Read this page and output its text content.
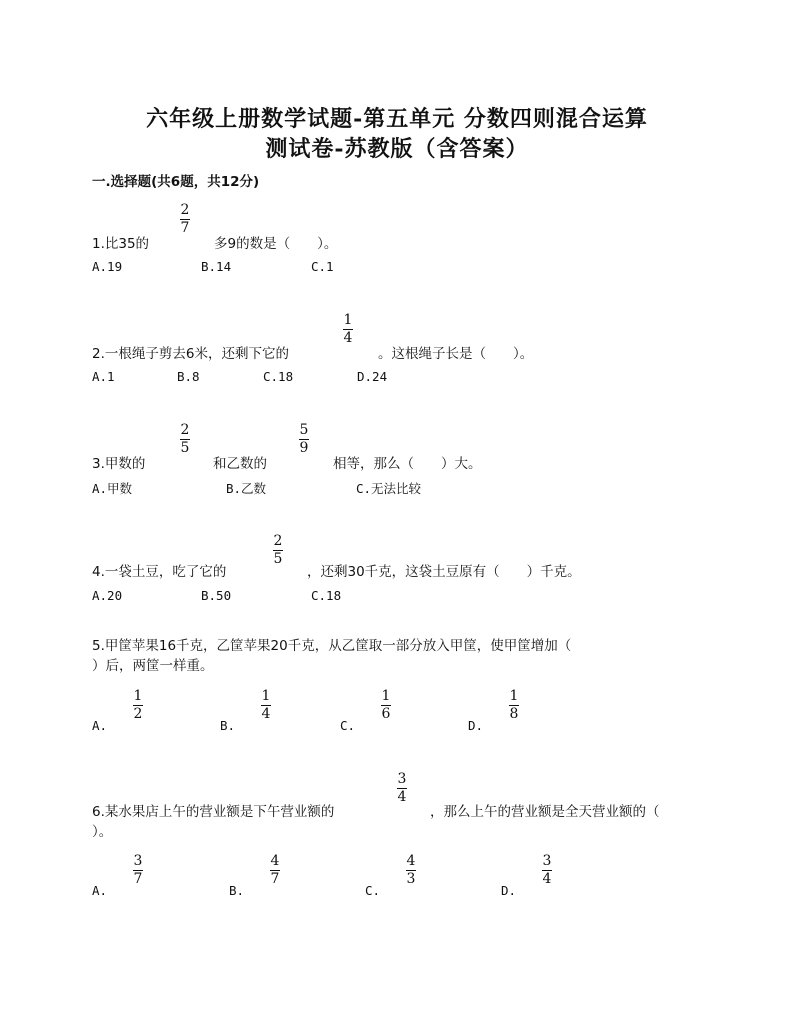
六年级上册数学试题-第五单元 分数四则混合运算
测试卷-苏教版（含答案）
一.选择题(共6题，共12分)
1.比35的
2
7
多9的数是（　　）。
A.19	B.14	C.1
2.一根绳子剪去6米，还剩下它的
1
4
。这根绳子长是（　　）。
A.1	B.8	C.18	D.24
3.甲数的
2
5
和乙数的
5
9
相等，那么（　　）大。
A.甲数	B.乙数	C.无法比较
4.一袋土豆，吃了它的
2
5
，还剩30千克，这袋土豆原有（　　）千克。
A.20	B.50	C.18
5.甲筐苹果16千克，乙筐苹果20千克，从乙筐取一部分放入甲筐，使甲筐增加（
）后，两筐一样重。
A.
1
2
B.
1
4
C.
1
6
D.
1
8
6.某水果店上午的营业额是下午营业额的
3
4
，那么上午的营业额是全天营业额的（
）。
A.
3
7
B.
4
7
C.
4
3
D.
3
4
